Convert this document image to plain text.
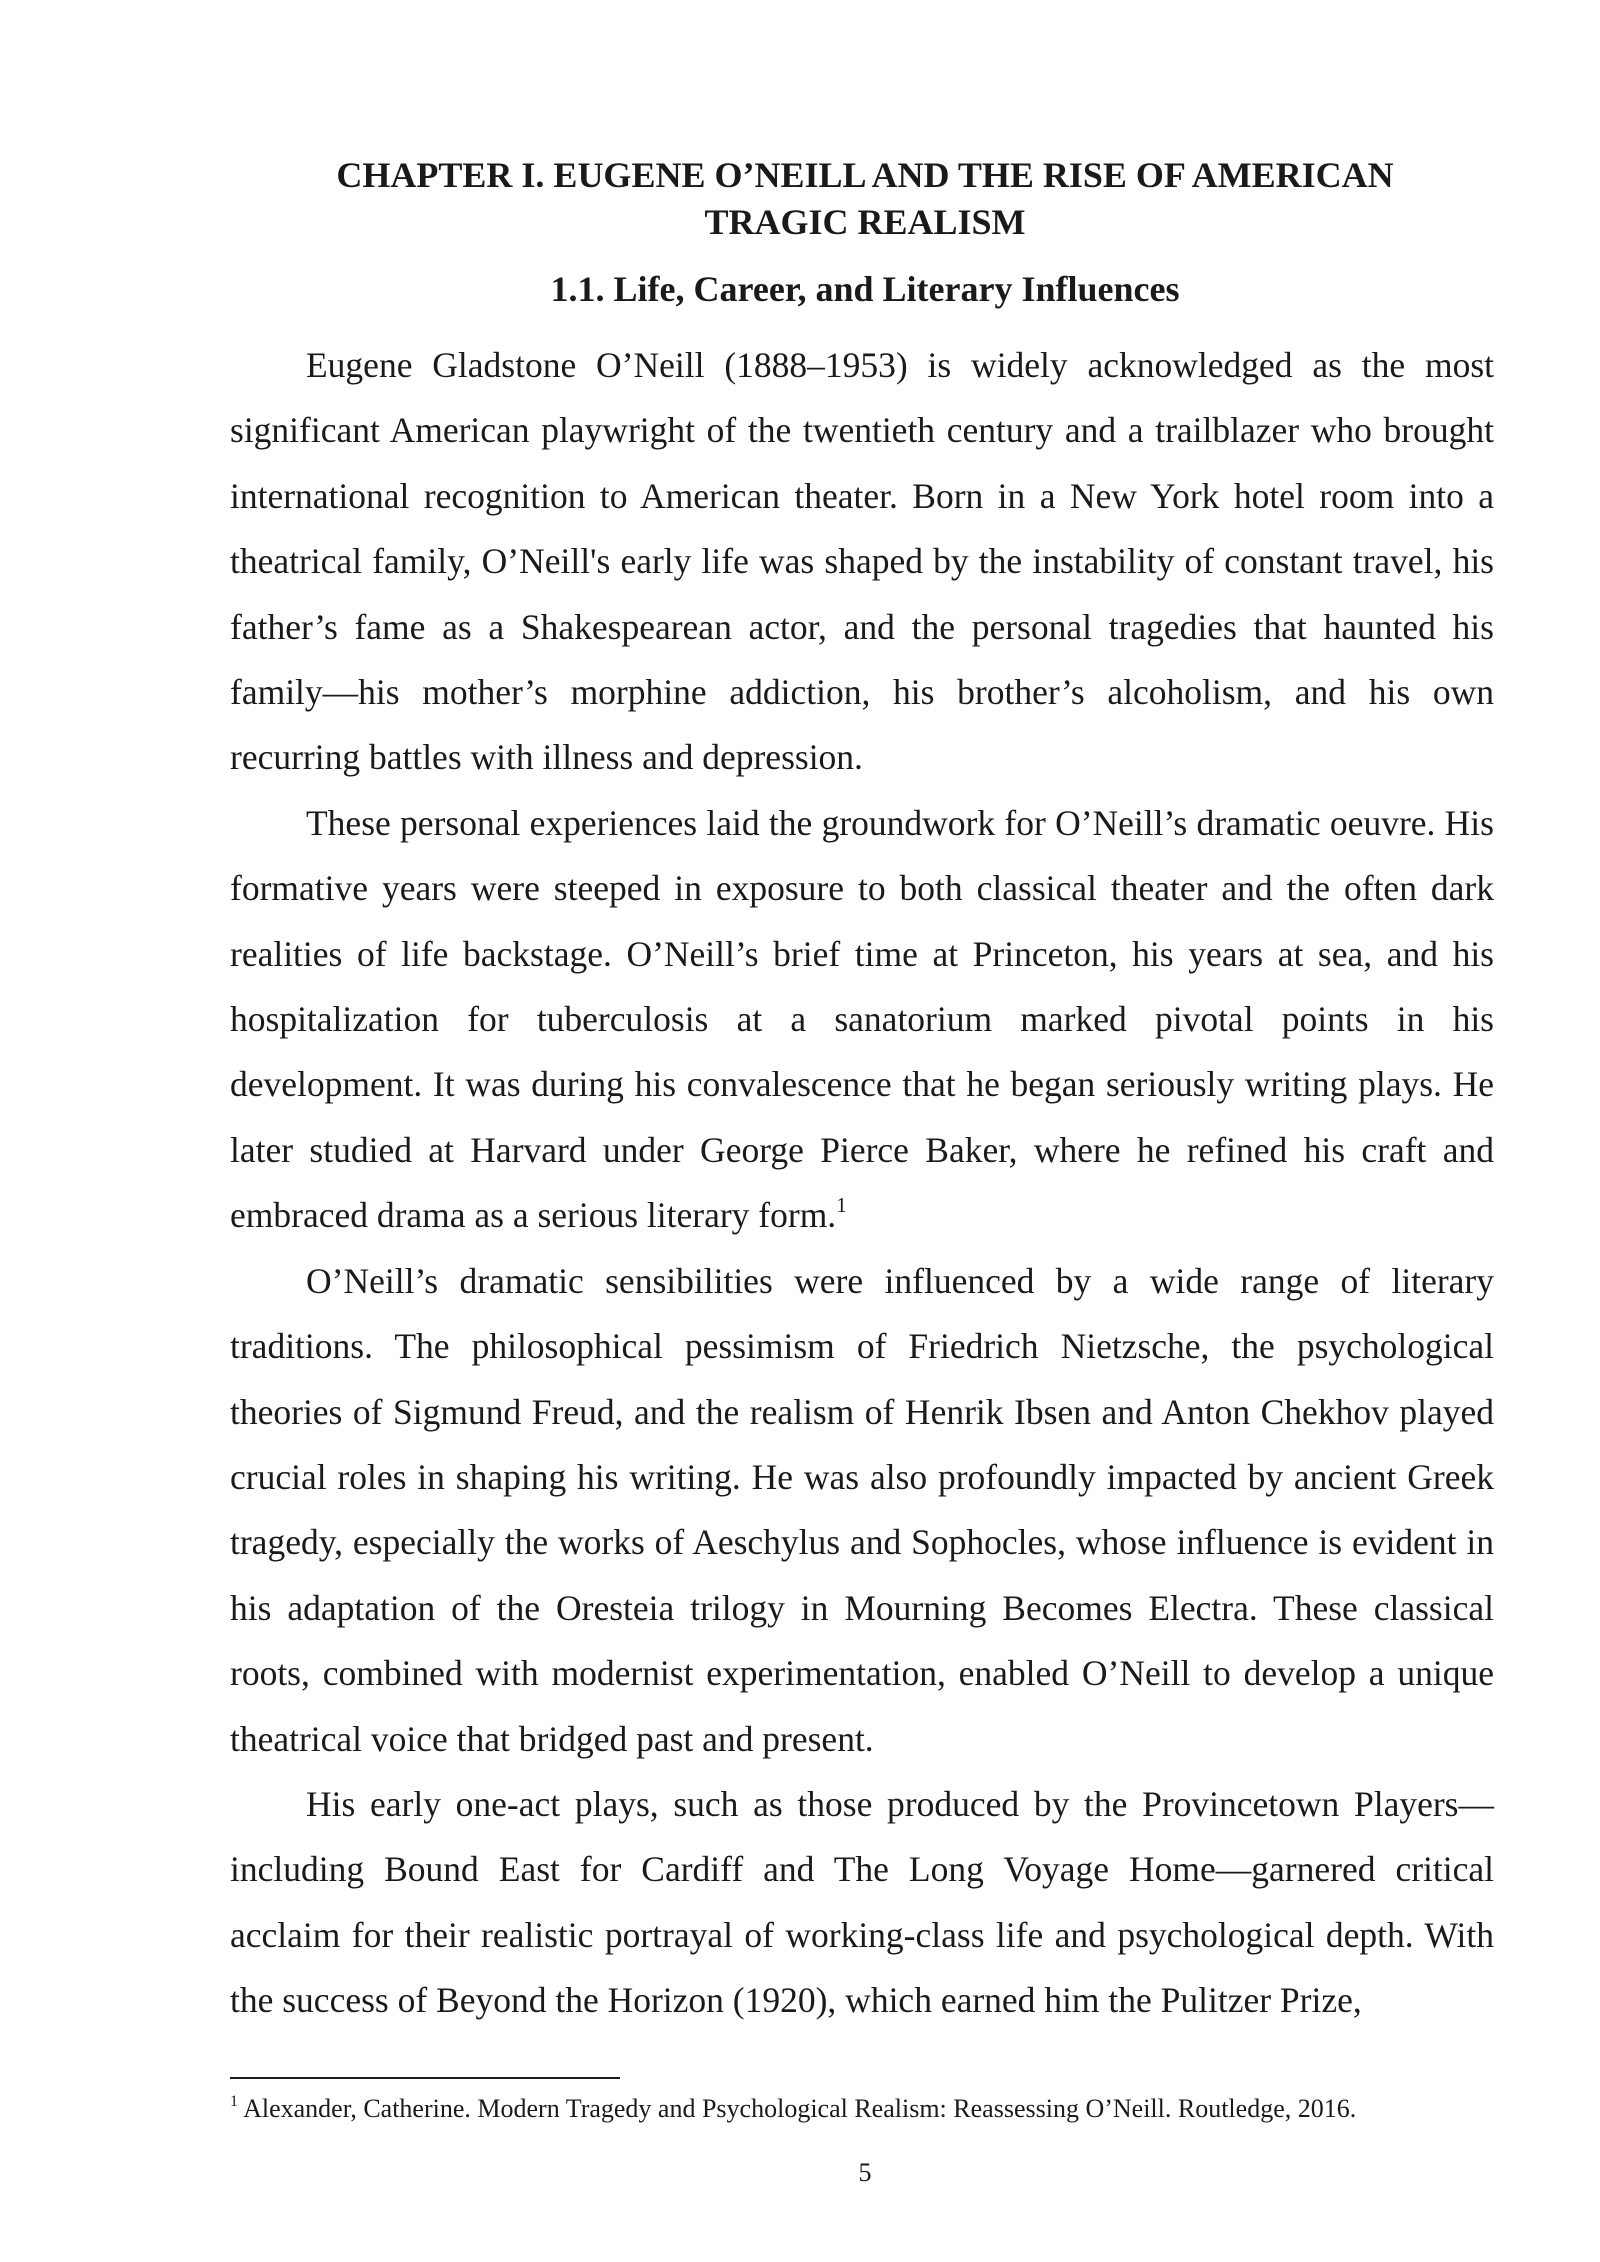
CHAPTER I. EUGENE O’NEILL AND THE RISE OF AMERICAN
TRAGIC REALISM
1.1. Life, Career, and Literary Influences

Eugene Gladstone O’Neill (1888–1953) is widely acknowledged as the most significant American playwright of the twentieth century and a trailblazer who brought international recognition to American theater. Born in a New York hotel room into a theatrical family, O’Neill's early life was shaped by the instability of constant travel, his father’s fame as a Shakespearean actor, and the personal tragedies that haunted his family—his mother’s morphine addiction, his brother’s alcoholism, and his own recurring battles with illness and depression.

These personal experiences laid the groundwork for O’Neill’s dramatic oeuvre. His formative years were steeped in exposure to both classical theater and the often dark realities of life backstage. O’Neill’s brief time at Princeton, his years at sea, and his hospitalization for tuberculosis at a sanatorium marked pivotal points in his development. It was during his convalescence that he began seriously writing plays. He later studied at Harvard under George Pierce Baker, where he refined his craft and embraced drama as a serious literary form.$^1$

O’Neill’s dramatic sensibilities were influenced by a wide range of literary traditions. The philosophical pessimism of Friedrich Nietzsche, the psychological theories of Sigmund Freud, and the realism of Henrik Ibsen and Anton Chekhov played crucial roles in shaping his writing. He was also profoundly impacted by ancient Greek tragedy, especially the works of Aeschylus and Sophocles, whose influence is evident in his adaptation of the Oresteia trilogy in Mourning Becomes Electra. These classical roots, combined with modernist experimentation, enabled O’Neill to develop a unique theatrical voice that bridged past and present.

His early one-act plays, such as those produced by the Provincetown Players—including Bound East for Cardiff and The Long Voyage Home—garnered critical acclaim for their realistic portrayal of working-class life and psychological depth. With the success of Beyond the Horizon (1920), which earned him the Pulitzer Prize,

$^1$ Alexander, Catherine. Modern Tragedy and Psychological Realism: Reassessing O’Neill. Routledge, 2016.
5
